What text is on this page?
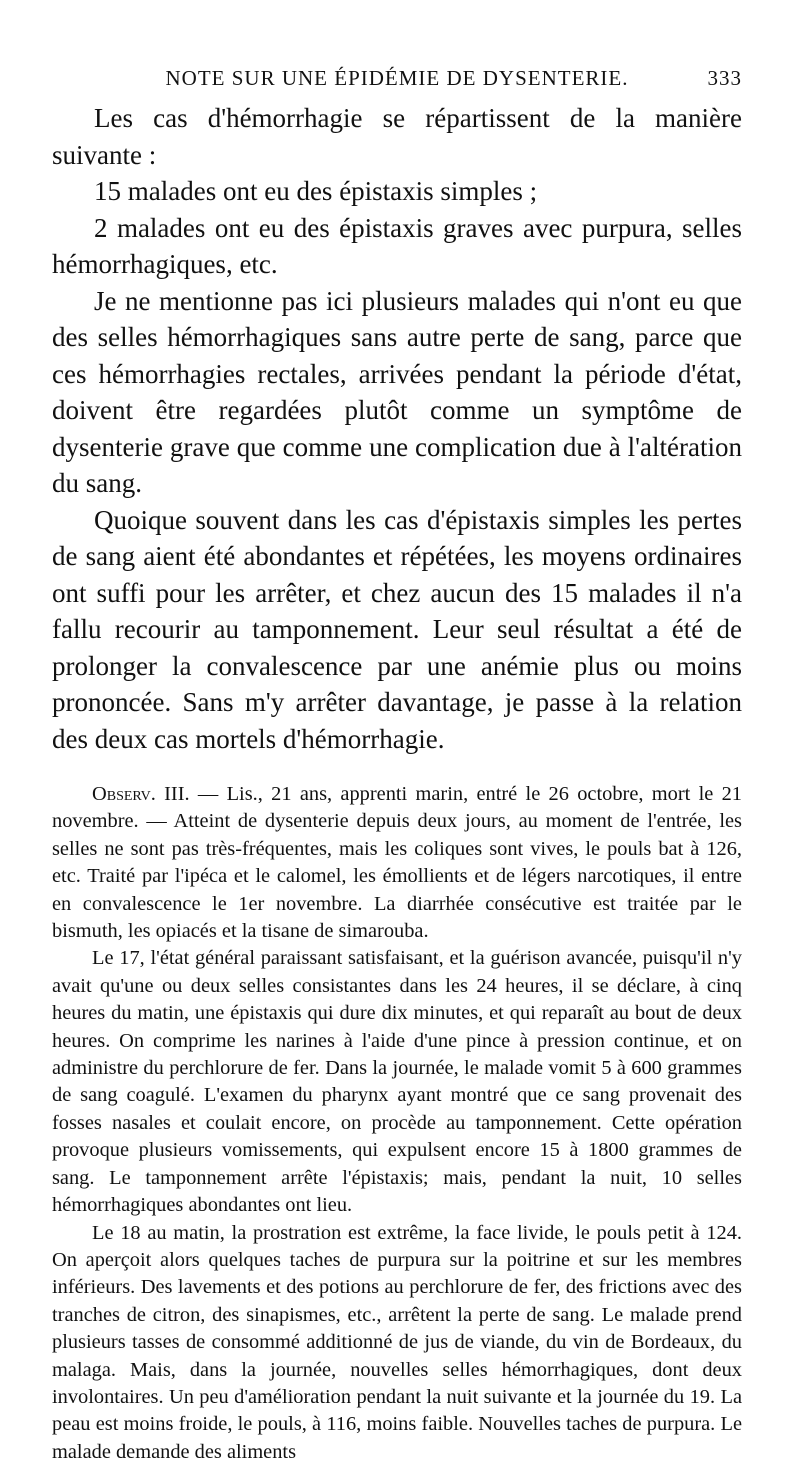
NOTE SUR UNE ÉPIDÉMIE DE DYSENTERIE.	333

Les cas d'hémorrhagie se répartissent de la manière suivante :

15 malades ont eu des épistaxis simples ;

2 malades ont eu des épistaxis graves avec purpura, selles hémorrhagiques, etc.

Je ne mentionne pas ici plusieurs malades qui n'ont eu que des selles hémorrhagiques sans autre perte de sang, parce que ces hémorrhagies rectales, arrivées pendant la période d'état, doivent être regardées plutôt comme un symptôme de dysenterie grave que comme une complication due à l'altération du sang.

Quoique souvent dans les cas d'épistaxis simples les pertes de sang aient été abondantes et répétées, les moyens ordinaires ont suffi pour les arrêter, et chez aucun des 15 malades il n'a fallu recourir au tamponnement. Leur seul résultat a été de prolonger la convalescence par une anémie plus ou moins prononcée. Sans m'y arrêter davantage, je passe à la relation des deux cas mortels d'hémorrhagie.

Observ. III. — Lis., 21 ans, apprenti marin, entré le 26 octobre, mort le 21 novembre. — Atteint de dysenterie depuis deux jours, au moment de l'entrée, les selles ne sont pas très-fréquentes, mais les coliques sont vives, le pouls bat à 126, etc. Traité par l'ipéca et le calomel, les émollients et de légers narcotiques, il entre en convalescence le 1er novembre. La diarrhée consécutive est traitée par le bismuth, les opiacés et la tisane de simarouba.

Le 17, l'état général paraissant satisfaisant, et la guérison avancée, puisqu'il n'y avait qu'une ou deux selles consistantes dans les 24 heures, il se déclare, à cinq heures du matin, une épistaxis qui dure dix minutes, et qui reparaît au bout de deux heures. On comprime les narines à l'aide d'une pince à pression continue, et on administre du perchlorure de fer. Dans la journée, le malade vomit 5 à 600 grammes de sang coagulé. L'examen du pharynx ayant montré que ce sang provenait des fosses nasales et coulait encore, on procède au tamponnement. Cette opération provoque plusieurs vomissements, qui expulsent encore 15 à 1800 grammes de sang. Le tamponnement arrête l'épistaxis; mais, pendant la nuit, 10 selles hémorrhagiques abondantes ont lieu.

Le 18 au matin, la prostration est extrême, la face livide, le pouls petit à 124. On aperçoit alors quelques taches de purpura sur la poitrine et sur les membres inférieurs. Des lavements et des potions au perchlorure de fer, des frictions avec des tranches de citron, des sinapismes, etc., arrêtent la perte de sang. Le malade prend plusieurs tasses de consommé additionné de jus de viande, du vin de Bordeaux, du malaga. Mais, dans la journée, nouvelles selles hémorrhagiques, dont deux involontaires. Un peu d'amélioration pendant la nuit suivante et la journée du 19. La peau est moins froide, le pouls, à 116, moins faible. Nouvelles taches de purpura. Le malade demande des aliments
